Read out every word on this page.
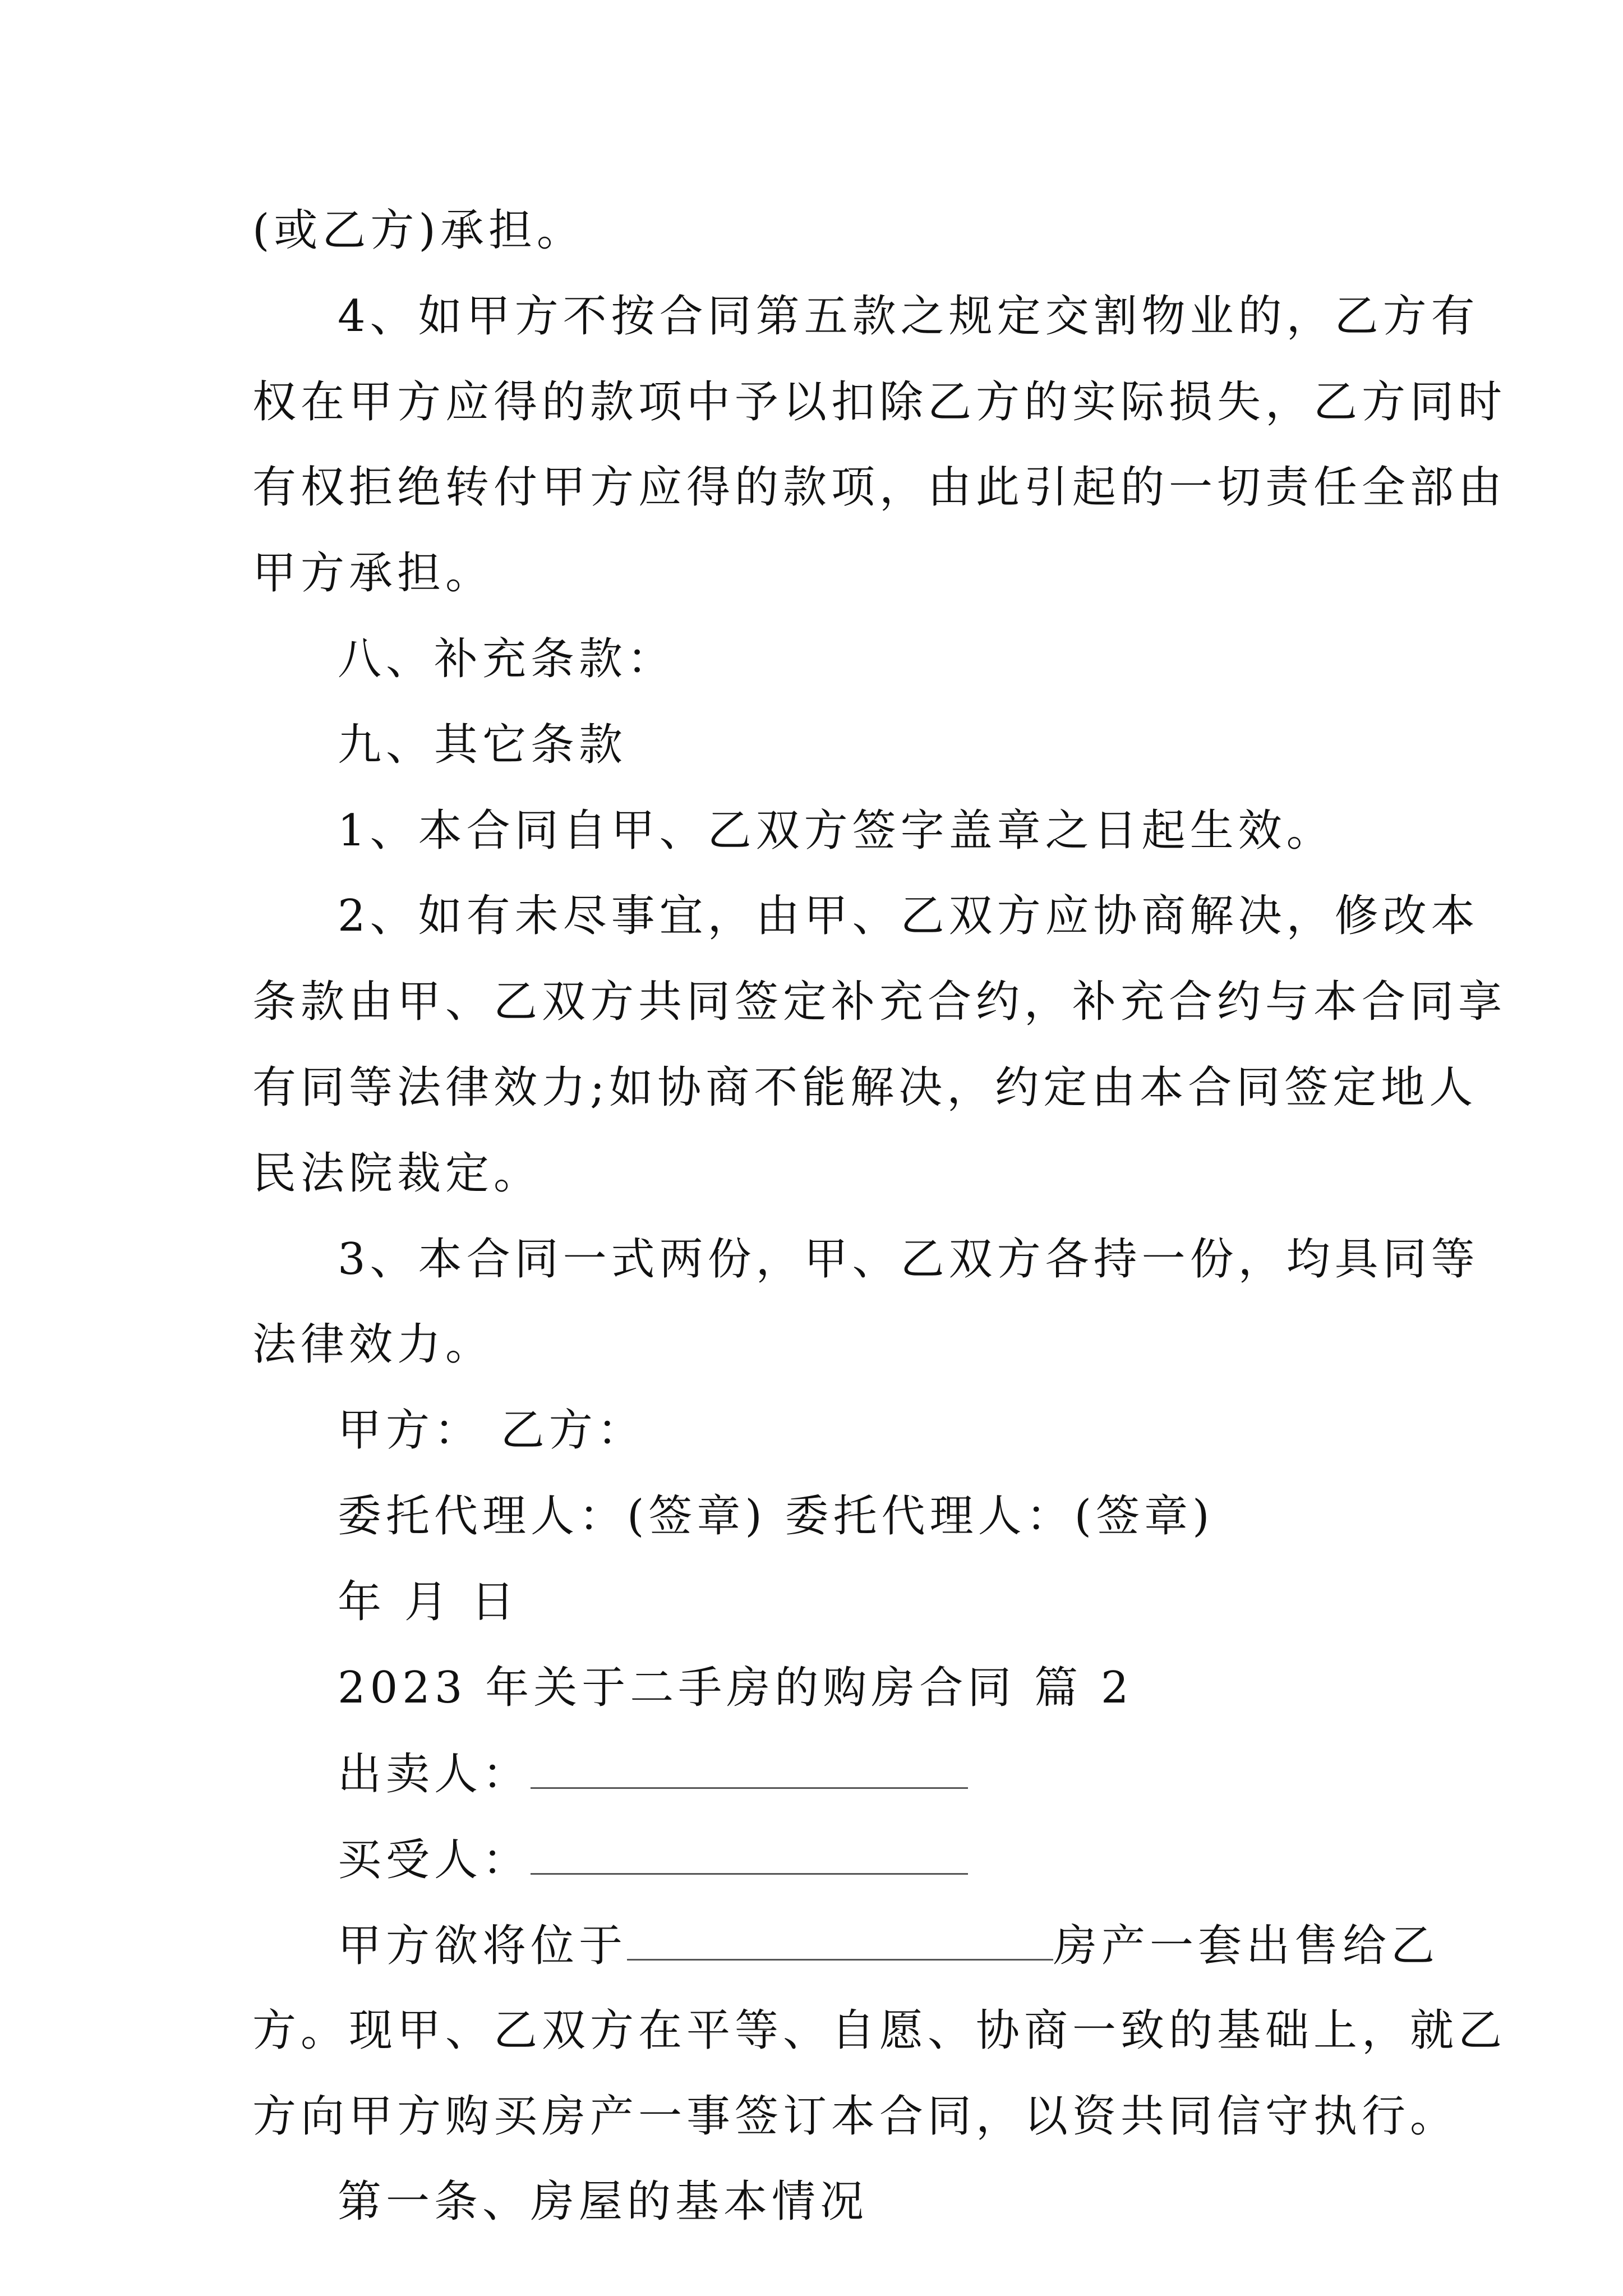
(或乙方)承担。
4、如甲方不按合同第五款之规定交割物业的，乙方有
权在甲方应得的款项中予以扣除乙方的实际损失，乙方同时
有权拒绝转付甲方应得的款项，由此引起的一切责任全部由
甲方承担。
八、补充条款：
九、其它条款
1、本合同自甲、乙双方签字盖章之日起生效。
2、如有未尽事宜，由甲、乙双方应协商解决，修改本
条款由甲、乙双方共同签定补充合约，补充合约与本合同享
有同等法律效力;如协商不能解决，约定由本合同签定地人
民法院裁定。
3、本合同一式两份，甲、乙双方各持一份，均具同等
法律效力。
甲方： 乙方：
委托代理人：(签章) 委托代理人：(签章)
年 月 日
2023 年关于二手房的购房合同 篇 2
出卖人：
买受人：
甲方欲将位于	房产一套出售给乙
方。现甲、乙双方在平等、自愿、协商一致的基础上，就乙
方向甲方购买房产一事签订本合同，以资共同信守执行。
第一条、房屋的基本情况
